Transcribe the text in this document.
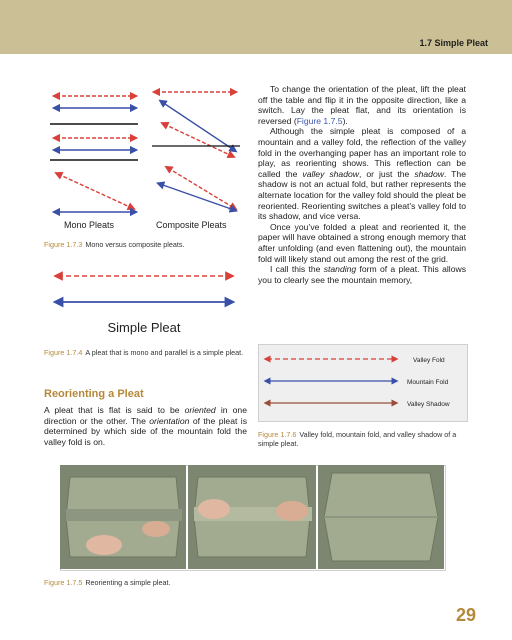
1.7 Simple Pleat
Mono Pleats	Composite Pleats
Figure 1.7.3 Mono versus composite pleats.
Simple Pleat
Figure 1.7.4 A pleat that is mono and parallel is a simple pleat.
Reorienting a Pleat

A pleat that is flat is said to be oriented in one direction or the other. The orientation of the pleat is determined by which side of the mountain fold the valley fold is on.

To change the orientation of the pleat, lift the pleat off the table and flip it in the opposite direction, like a switch. Lay the pleat flat, and its orientation is reversed (Figure 1.7.5).

Although the simple pleat is composed of a mountain and a valley fold, the reflection of the valley fold in the overhanging paper has an important role to play, as reorienting shows. This reflection can be called the valley shadow, or just the shadow. The shadow is not an actual fold, but rather represents the alternate location for the valley fold should the pleat be reoriented. Reorienting switches a pleat’s valley fold to its shadow, and vice versa.

Once you’ve folded a pleat and reoriented it, the paper will have obtained a strong enough memory that after unfolding (and even flattening out), the mountain fold will likely stand out among the rest of the grid.

I call this the standing form of a pleat. This allows you to clearly see the mountain memory,

Valley Fold
Mountain Fold
Valley Shadow
Figure 1.7.6 Valley fold, mountain fold, and valley shadow of a simple pleat.
Figure 1.7.5 Reorienting a simple pleat.
29
